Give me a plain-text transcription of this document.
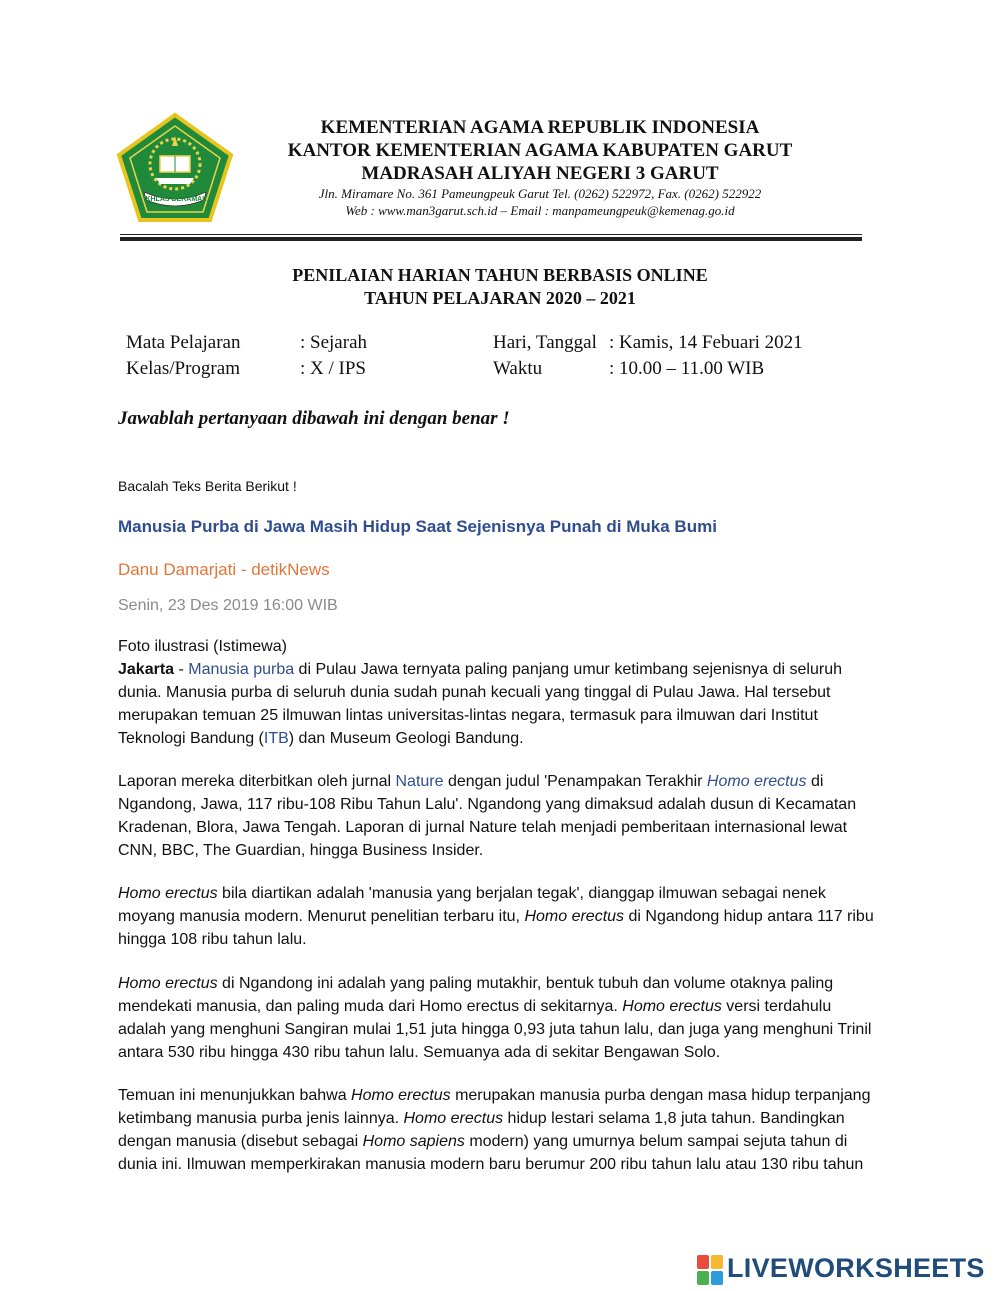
IKHLAS BERAMAL
KEMENTERIAN AGAMA REPUBLIK INDONESIA
KANTOR KEMENTERIAN AGAMA KABUPATEN GARUT
MADRASAH ALIYAH NEGERI 3 GARUT
Jln. Miramare No. 361 Pameungpeuk Garut Tel. (0262) 522972, Fax. (0262) 522922
Web : www.man3garut.sch.id – Email : manpameungpeuk@kemenag.go.id
PENILAIAN HARIAN TAHUN BERBASIS ONLINE
TAHUN PELAJARAN 2020 – 2021
Mata Pelajaran	: Sejarah	Hari, Tanggal : Kamis, 14 Febuari 2021
Kelas/Program	: X / IPS	Waktu	: 10.00 – 11.00 WIB
Jawablah pertanyaan dibawah ini dengan benar !
Bacalah Teks Berita Berikut !
Manusia Purba di Jawa Masih Hidup Saat Sejenisnya Punah di Muka Bumi
Danu Damarjati - detikNews
Senin, 23 Des 2019 16:00 WIB

Foto ilustrasi (Istimewa)

Jakarta - Manusia purba di Pulau Jawa ternyata paling panjang umur ketimbang sejenisnya di seluruh dunia. Manusia purba di seluruh dunia sudah punah kecuali yang tinggal di Pulau Jawa. Hal tersebut merupakan temuan 25 ilmuwan lintas universitas-lintas negara, termasuk para ilmuwan dari Institut Teknologi Bandung (ITB) dan Museum Geologi Bandung.

Laporan mereka diterbitkan oleh jurnal Nature dengan judul 'Penampakan Terakhir Homo erectus di Ngandong, Jawa, 117 ribu-108 Ribu Tahun Lalu'. Ngandong yang dimaksud adalah dusun di Kecamatan Kradenan, Blora, Jawa Tengah. Laporan di jurnal Nature telah menjadi pemberitaan internasional lewat CNN, BBC, The Guardian, hingga Business Insider.

Homo erectus bila diartikan adalah 'manusia yang berjalan tegak', dianggap ilmuwan sebagai nenek moyang manusia modern. Menurut penelitian terbaru itu, Homo erectus di Ngandong hidup antara 117 ribu hingga 108 ribu tahun lalu.

Homo erectus di Ngandong ini adalah yang paling mutakhir, bentuk tubuh dan volume otaknya paling mendekati manusia, dan paling muda dari Homo erectus di sekitarnya. Homo erectus versi terdahulu adalah yang menghuni Sangiran mulai 1,51 juta hingga 0,93 juta tahun lalu, dan juga yang menghuni Trinil antara 530 ribu hingga 430 ribu tahun lalu. Semuanya ada di sekitar Bengawan Solo.

Temuan ini menunjukkan bahwa Homo erectus merupakan manusia purba dengan masa hidup terpanjang ketimbang manusia purba jenis lainnya. Homo erectus hidup lestari selama 1,8 juta tahun. Bandingkan dengan manusia (disebut sebagai Homo sapiens modern) yang umurnya belum sampai sejuta tahun di dunia ini. Ilmuwan memperkirakan manusia modern baru berumur 200 ribu tahun lalu atau 130 ribu tahun

LIVEWORKSHEETS
